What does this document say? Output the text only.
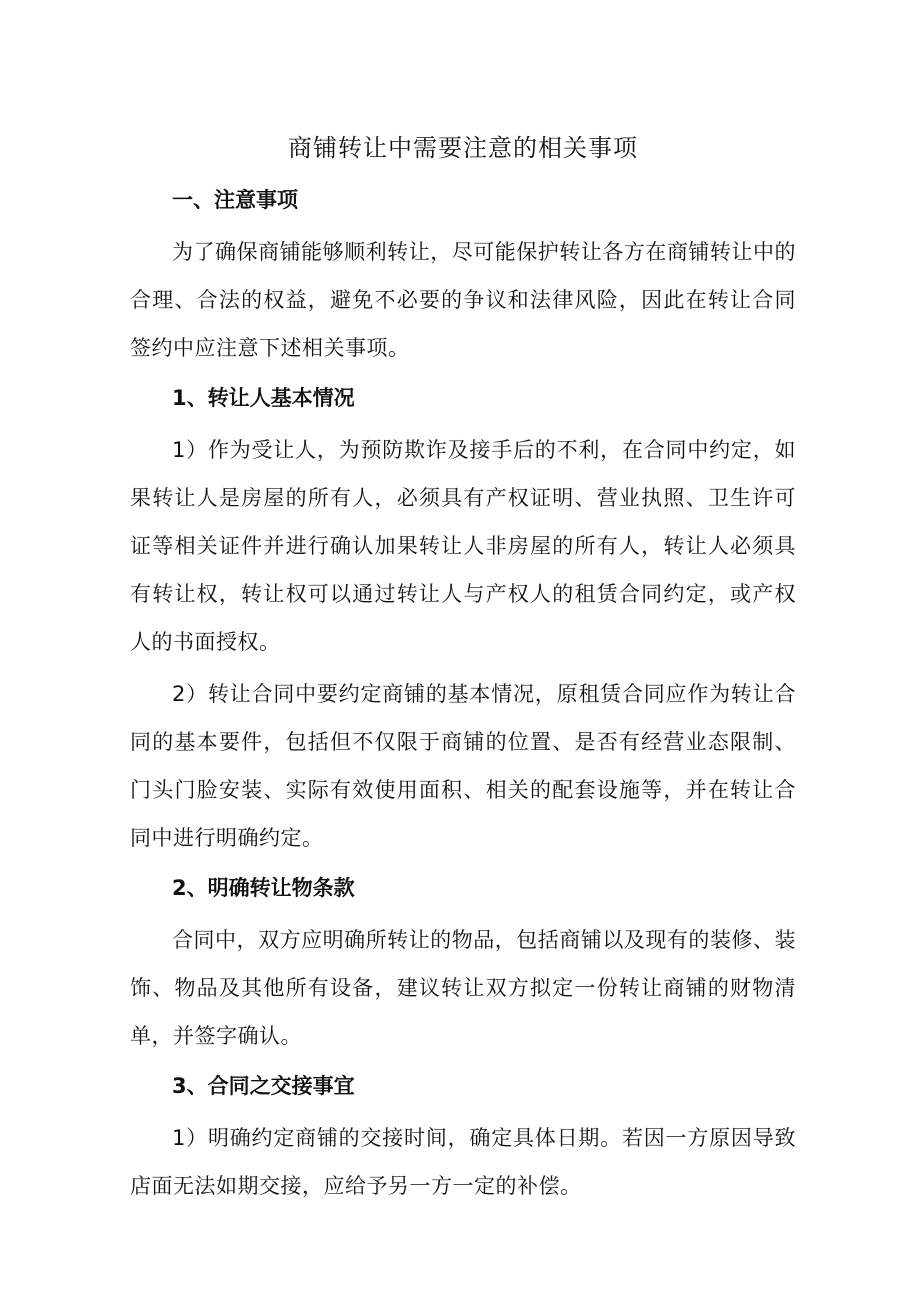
商铺转让中需要注意的相关事项
一、注意事项

为了确保商铺能够顺利转让，尽可能保护转让各方在商铺转让中的合理、合法的权益，避免不必要的争议和法律风险，因此在转让合同签约中应注意下述相关事项。

1、转让人基本情况

1）作为受让人，为预防欺诈及接手后的不利，在合同中约定，如果转让人是房屋的所有人，必须具有产权证明、营业执照、卫生许可证等相关证件并进行确认加果转让人非房屋的所有人，转让人必须具有转让权，转让权可以通过转让人与产权人的租赁合同约定，或产权人的书面授权。

2）转让合同中要约定商铺的基本情况，原租赁合同应作为转让合同的基本要件，包括但不仅限于商铺的位置、是否有经营业态限制、门头门脸安装、实际有效使用面积、相关的配套设施等，并在转让合同中进行明确约定。

2、明确转让物条款

合同中，双方应明确所转让的物品，包括商铺以及现有的装修、装饰、物品及其他所有设备，建议转让双方拟定一份转让商铺的财物清单，并签字确认。

3、合同之交接事宜

1）明确约定商铺的交接时间，确定具体日期。若因一方原因导致店面无法如期交接，应给予另一方一定的补偿。
